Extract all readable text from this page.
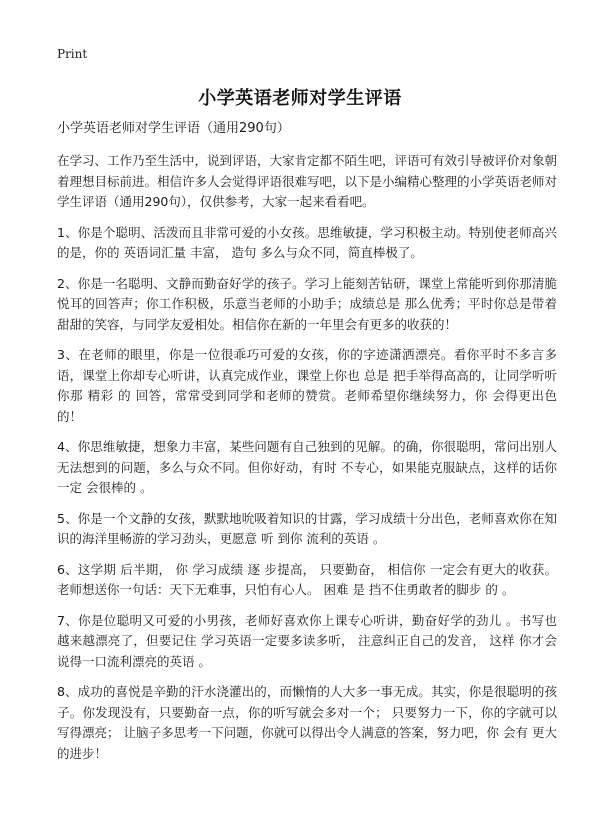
Print
小学英语老师对学生评语
小学英语老师对学生评语（通用290句）

在学习、工作乃至生活中，说到评语，大家肯定都不陌生吧，评语可有效引导被评价对象朝着理想目标前进。相信许多人会觉得评语很难写吧，以下是小编精心整理的小学英语老师对学生评语（通用290句），仅供参考，大家一起来看看吧。

1、你是个聪明、活泼而且非常可爱的小女孩。思维敏捷，学习积极主动。特别使老师高兴的是，你的 英语词汇量 丰富， 造句 多么与众不同，简直棒极了。

2、你是一名聪明、文静而勤奋好学的孩子。学习上能刻苦钻研，课堂上常能听到你那清脆悦耳的回答声；你工作积极，乐意当老师的小助手；成绩总是 那么优秀；平时你总是带着甜甜的笑容，与同学友爱相处。相信你在新的一年里会有更多的收获的！

3、在老师的眼里，你是一位很乖巧可爱的女孩，你的字迹潇洒漂亮。看你平时不多言多语，课堂上你却专心听讲，认真完成作业，课堂上你也 总是 把手举得高高的，让同学听听你那 精彩 的 回答，常常受到同学和老师的赞赏。老师希望你继续努力，你 会得更出色 的！

4、你思维敏捷，想象力丰富，某些问题有自己独到的见解。的确，你很聪明，常问出别人无法想到的问题，多么与众不同。但你好动，有时 不专心，如果能克服缺点，这样的话你一定 会很棒的 。

5、你是一个文静的女孩，默默地吮吸着知识的甘露，学习成绩十分出色，老师喜欢你在知识的海洋里畅游的学习劲头，更愿意 听 到你 流利的英语 。

6、这学期 后半期， 你 学习成绩 逐 步提高， 只要勤奋， 相信你 一定会有更大的收获。 老师想送你一句话：天下无难事，只怕有心人。 困难 是 挡不住勇敢者的脚步 的 。

7、你是位聪明又可爱的小男孩，老师好喜欢你上课专心听讲，勤奋好学的劲儿 。书写也 越来越漂亮了，但要记住 学习英语一定要多读多听， 注意纠正自己的发音， 这样 你才会说得一口流利漂亮的英语 。

8、成功的喜悦是辛勤的汗水浇灌出的，而懒惰的人大多一事无成。其实，你是很聪明的孩子。你发现没有，只要勤奋一点，你的听写就会多对一个； 只要努力一下，你的字就可以写得漂亮； 让脑子多思考一下问题，你就可以得出令人满意的答案，努力吧，你 会有 更大的进步！
